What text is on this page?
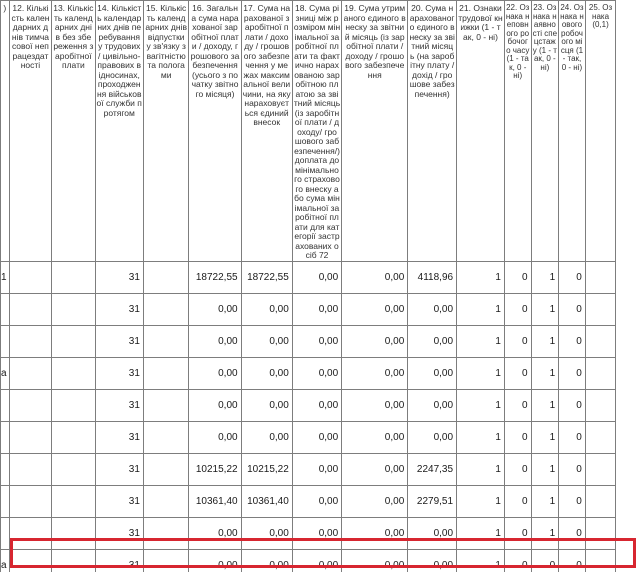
)	12. Кількість календарних днів тимчасової непрацездатності	13. Кількість календарних днів без збереження заробітної плати	14. Кількість календарних днів перебування у трудових / цивільно-правових відносинах, проходження військової служби протягом	15. Кількість календарних днів відпустки у зв'язку з вагітністю та пологами	16. Загальна сума нарахованої заробітної плати / доходу, грошового забезпечення (усього з початку звітного місяця)	17. Сума нарахованої заробітної плати / доходу / грошового забезпечення у межах максимальної величини, на яку нараховується єдиний внесок	18. Сума різниці між розміром мінімальної заробітної плати та фактично нарахованою заробітною платою за звітний місяць (із заробітної плати / доходу/ грошового забезпечення/) доплата до мінімального страхового внеску або сума мінімальної заробітної плати для категорії застрахованих осіб 72	19. Сума утриманого єдиного внеску за звітний місяць (із заробітної плати / доходу / грошового забезпечення	20. Сума нарахованого єдиного внеску за звітний місяць (на заробітну плату / дохід / грошове забезпечення)	21. Ознаки трудової книжки (1 - так, 0 - ні)	22. Ознака неповного робочого часу (1 - так, 0 - ні)	23. Ознака наявності спецстажу (1 - так, 0 - ні)	24. Ознака нового робочого місця (1 - так, 0 - ні)	25. Ознака (0,1)
1			31		18722,55	18722,55	0,00	0,00	4118,96	1	0	1	0	
			31		0,00	0,00	0,00	0,00	0,00	1	0	1	0	
			31		0,00	0,00	0,00	0,00	0,00	1	0	1	0	
а			31		0,00	0,00	0,00	0,00	0,00	1	0	1	0	
			31		0,00	0,00	0,00	0,00	0,00	1	0	1	0	
			31		0,00	0,00	0,00	0,00	0,00	1	0	1	0	
			31		10215,22	10215,22	0,00	0,00	2247,35	1	0	1	0	
			31		10361,40	10361,40	0,00	0,00	2279,51	1	0	1	0	
			31		0,00	0,00	0,00	0,00	0,00	1	0	1	0	
а			31		0,00	0,00	0,00	0,00	0,00	1	0	0	0	
